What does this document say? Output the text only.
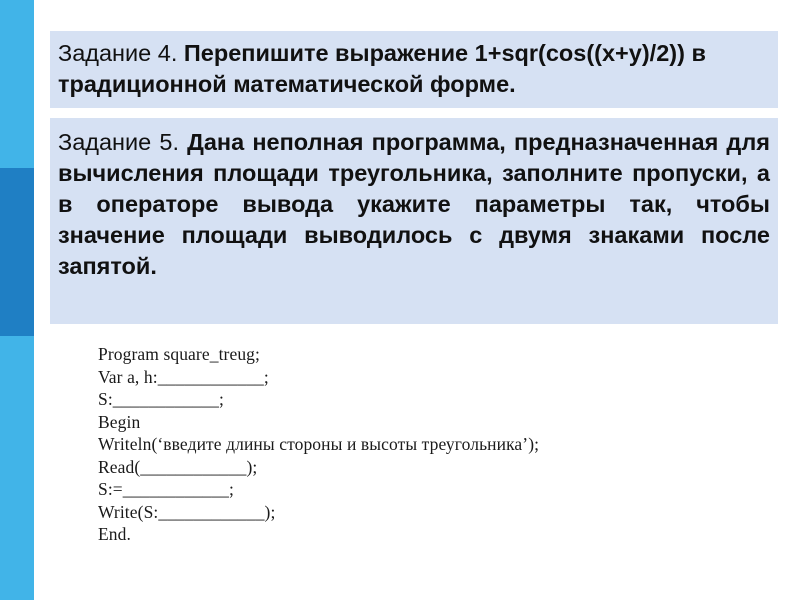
Задание 4. Перепишите выражение 1+sqr(cos((x+y)/2)) в традиционной математической форме.
Задание 5. Дана неполная программа, предназначенная для вычисления площади треугольника, заполните пропуски, а в операторе вывода укажите параметры так, чтобы значение площади выводилось с двумя знаками после запятой.
Program square_treug;
Var a, h:____________;
S:____________;
Begin
Writeln(‘введите длины стороны и высоты треугольника’);
Read(____________);
S:=____________;
Write(S:____________);
End.
